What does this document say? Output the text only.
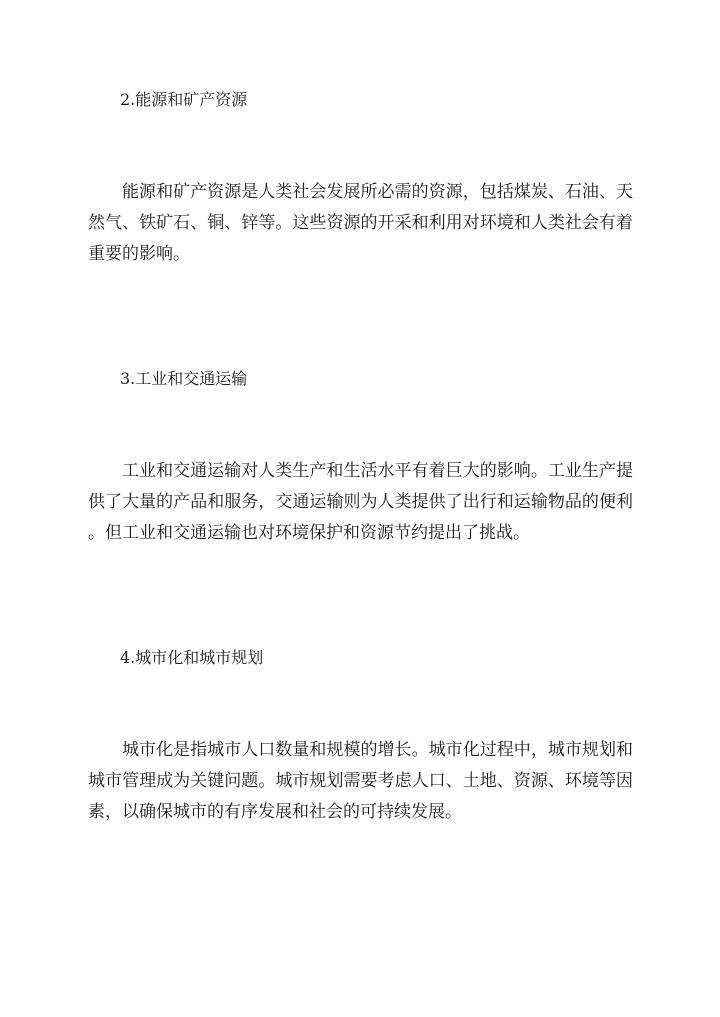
2.能源和矿产资源
能源和矿产资源是人类社会发展所必需的资源，包括煤炭、石油、天
然气、铁矿石、铜、锌等。这些资源的开采和利用对环境和人类社会有着
重要的影响。
3.工业和交通运输
工业和交通运输对人类生产和生活水平有着巨大的影响。工业生产提
供了大量的产品和服务，交通运输则为人类提供了出行和运输物品的便利
。但工业和交通运输也对环境保护和资源节约提出了挑战。
4.城市化和城市规划
城市化是指城市人口数量和规模的增长。城市化过程中，城市规划和
城市管理成为关键问题。城市规划需要考虑人口、土地、资源、环境等因
素，以确保城市的有序发展和社会的可持续发展。
